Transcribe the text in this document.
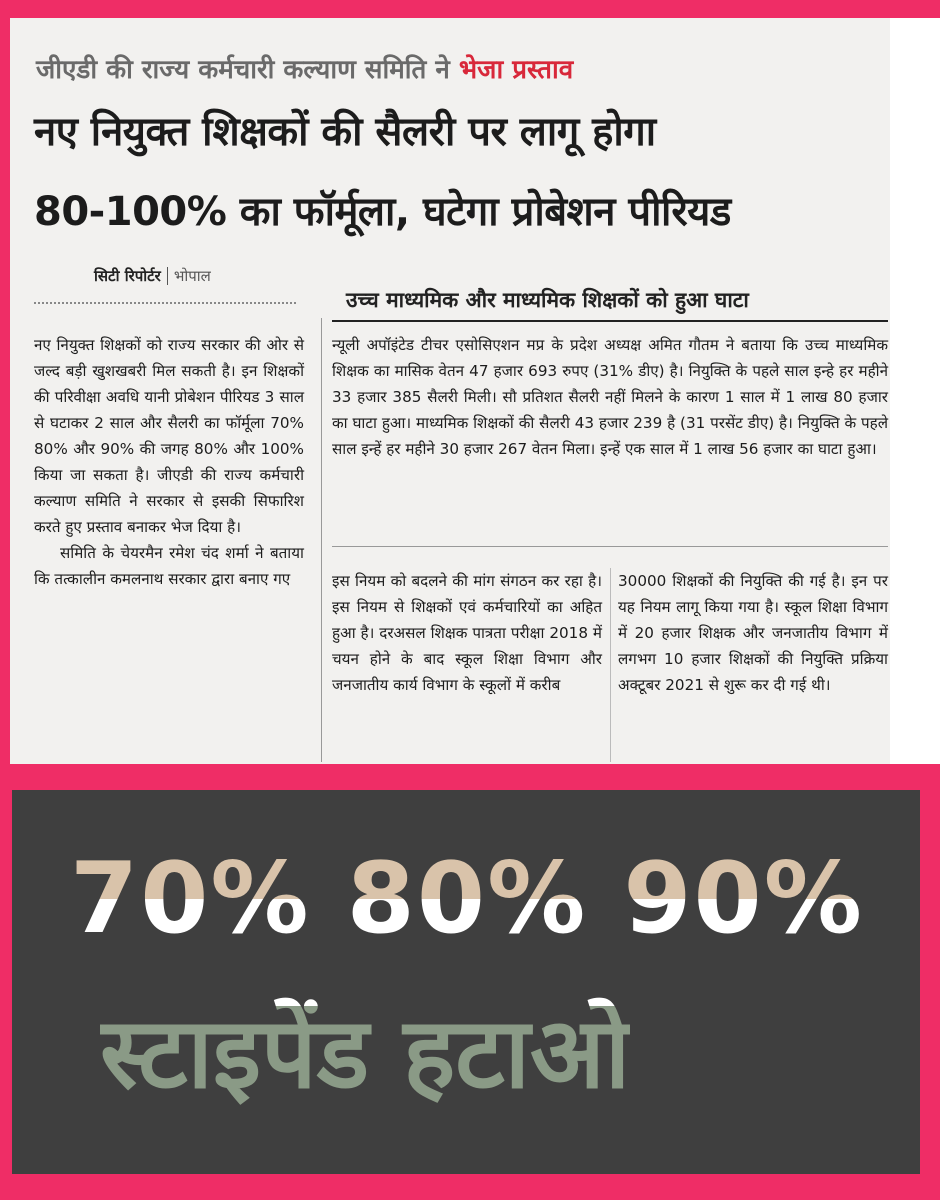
जीएडी की राज्य कर्मचारी कल्याण समिति ने भेजा प्रस्ताव
नए नियुक्त शिक्षकों की सैलरी पर लागू होगा
80-100% का फॉर्मूला, घटेगा प्रोबेशन पीरियड
सिटी रिपोर्टर भोपाल
उच्च माध्यमिक और माध्यमिक शिक्षकों को हुआ घाटा

नए नियुक्त शिक्षकों को राज्य सरकार की ओर से जल्द बड़ी खुशखबरी मिल सकती है। इन शिक्षकों की परिवीक्षा अवधि यानी प्रोबेशन पीरियड 3 साल से घटाकर 2 साल और सैलरी का फॉर्मूला 70% 80% और 90% की जगह 80% और 100% किया जा सकता है। जीएडी की राज्य कर्मचारी कल्याण समिति ने सरकार से इसकी सिफारिश करते हुए प्रस्ताव बनाकर भेज दिया है।

समिति के चेयरमैन रमेश चंद शर्मा ने बताया कि तत्कालीन कमलनाथ सरकार द्वारा बनाए गए

न्यूली अपॉइंटेड टीचर एसोसिएशन मप्र के प्रदेश अध्यक्ष अमित गौतम ने बताया कि उच्च माध्यमिक शिक्षक का मासिक वेतन 47 हजार 693 रुपए (31% डीए) है। नियुक्ति के पहले साल इन्हे हर महीने 33 हजार 385 सैलरी मिली। सौ प्रतिशत सैलरी नहीं मिलने के कारण 1 साल में 1 लाख 80 हजार का घाटा हुआ। माध्यमिक शिक्षकों की सैलरी 43 हजार 239 है (31 परसेंट डीए) है। नियुक्ति के पहले साल इन्हें हर महीने 30 हजार 267 वेतन मिला। इन्हें एक साल में 1 लाख 56 हजार का घाटा हुआ।

इस नियम को बदलने की मांग संगठन कर रहा है। इस नियम से शिक्षकों एवं कर्मचारियों का अहित हुआ है। दरअसल शिक्षक पात्रता परीक्षा 2018 में चयन होने के बाद स्कूल शिक्षा विभाग और जनजातीय कार्य विभाग के स्कूलों में करीब

30000 शिक्षकों की नियुक्ति की गई है। इन पर यह नियम लागू किया गया है। स्कूल शिक्षा विभाग में 20 हजार शिक्षक और जनजातीय विभाग में लगभग 10 हजार शिक्षकों की नियुक्ति प्रक्रिया अक्टूबर 2021 से शुरू कर दी गई थी।

70% 80% 90%
स्टाइपेंड हटाओ
